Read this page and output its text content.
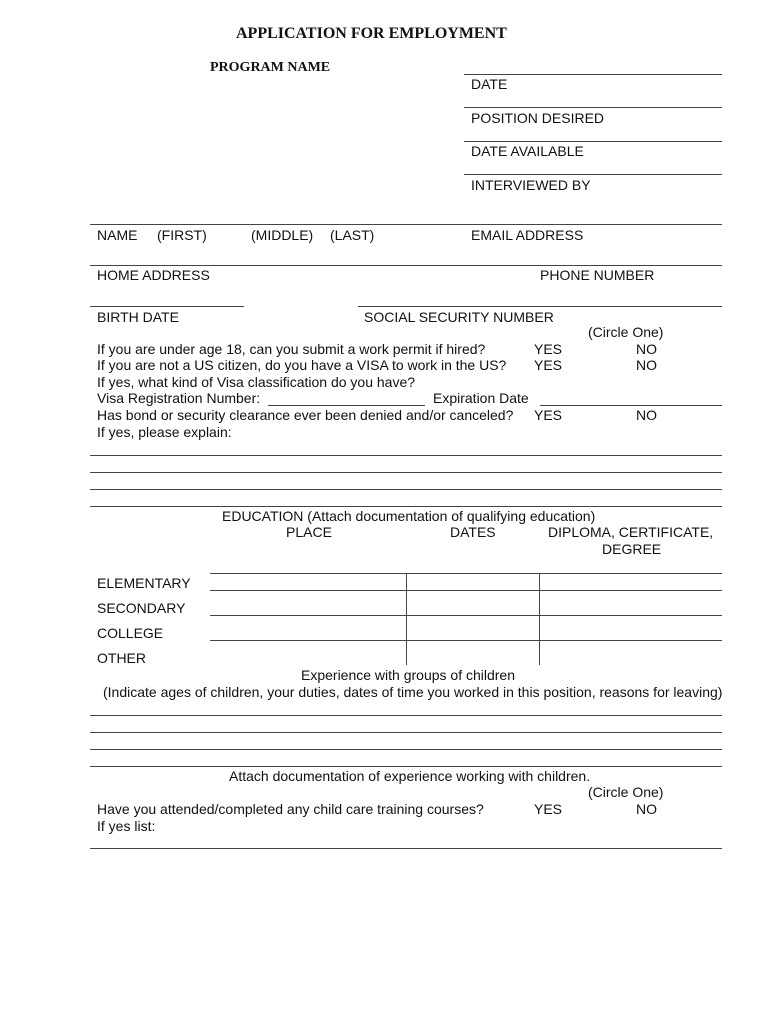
APPLICATION FOR EMPLOYMENT
PROGRAM NAME
DATE
POSITION DESIRED
DATE AVAILABLE
INTERVIEWED BY
NAME (FIRST)	(MIDDLE) (LAST)	EMAIL ADDRESS
HOME ADDRESS	PHONE NUMBER
BIRTH DATE	SOCIAL SECURITY NUMBER
(Circle One)
If you are under age 18, can you submit a work permit if hired?	YES	NO
If you are not a US citizen, do you have a VISA to work in the US? YES	NO
If yes, what kind of Visa classification do you have?
Visa Registration Number:	Expiration Date
Has bond or security clearance ever been denied and/or canceled? YES	NO
If yes, please explain:
EDUCATION (Attach documentation of qualifying education)
PLACE	DATES	DIPLOMA, CERTIFICATE,
DEGREE
ELEMENTARY
SECONDARY
COLLEGE
OTHER
Experience with groups of children
(Indicate ages of children, your duties, dates of time you worked in this position, reasons for leaving)
Attach documentation of experience working with children.
(Circle One)
Have you attended/completed any child care training courses?	YES	NO
If yes list:
